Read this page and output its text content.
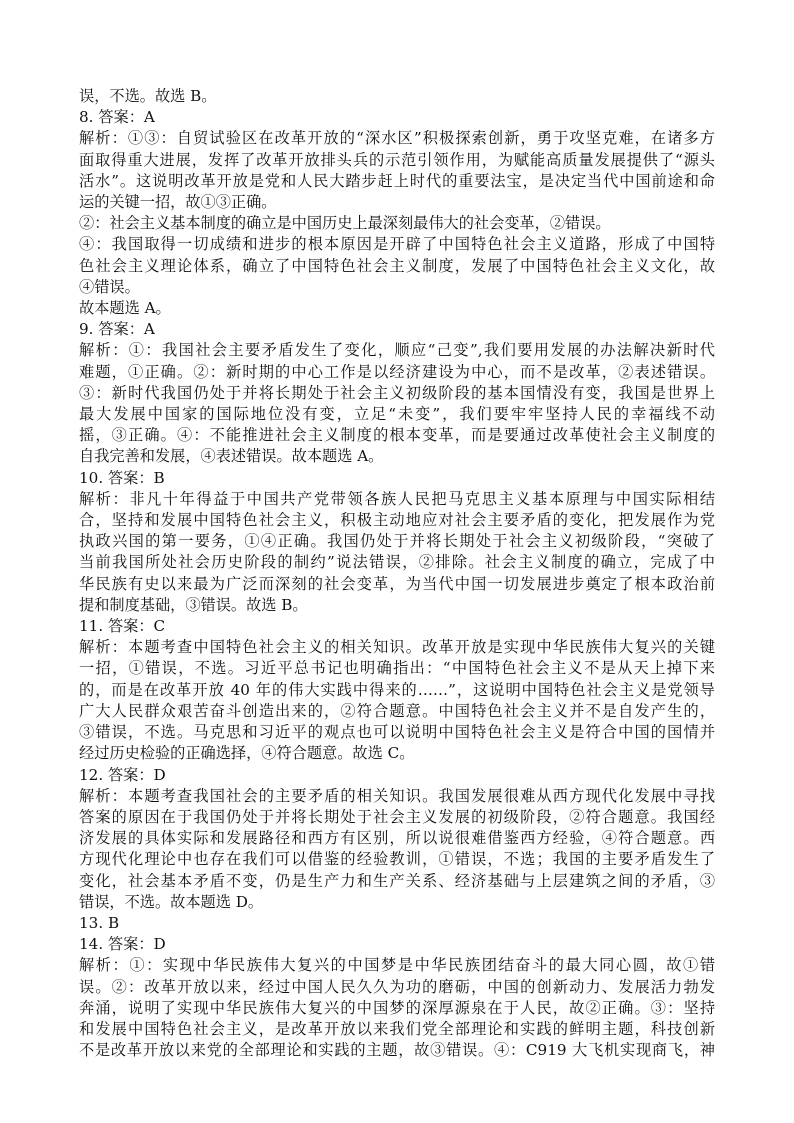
误，不选。故选 B。
8. 答案：A
解析：①③：自贸试验区在改革开放的“深水区”积极探索创新，勇于攻坚克难，在诸多方
面取得重大进展，发挥了改革开放排头兵的示范引领作用，为赋能高质量发展提供了“源头
活水”。这说明改革开放是党和人民大踏步赶上时代的重要法宝，是决定当代中国前途和命
运的关键一招，故①③正确。
②：社会主义基本制度的确立是中国历史上最深刻最伟大的社会变革，②错误。
④：我国取得一切成绩和进步的根本原因是开辟了中国特色社会主义道路，形成了中国特
色社会主义理论体系，确立了中国特色社会主义制度，发展了中国特色社会主义文化，故
④错误。
故本题选 A。
9. 答案：A
解析：①：我国社会主要矛盾发生了变化，顺应“己变”,我们要用发展的办法解决新时代
难题，①正确。②：新时期的中心工作是以经济建设为中心，而不是改革，②表述错误。
③：新时代我国仍处于并将长期处于社会主义初级阶段的基本国情没有变，我国是世界上
最大发展中国家的国际地位没有变，立足“未变”，我们要牢牢坚持人民的幸福线不动
摇，③正确。④：不能推进社会主义制度的根本变革，而是要通过改革使社会主义制度的
自我完善和发展，④表述错误。故本题选 A。
10. 答案：B
解析：非凡十年得益于中国共产党带领各族人民把马克思主义基本原理与中国实际相结
合，坚持和发展中国特色社会主义，积极主动地应对社会主要矛盾的变化，把发展作为党
执政兴国的第一要务，①④正确。我国仍处于并将长期处于社会主义初级阶段，“突破了
当前我国所处社会历史阶段的制约”说法错误，②排除。社会主义制度的确立，完成了中
华民族有史以来最为广泛而深刻的社会变革，为当代中国一切发展进步奠定了根本政治前
提和制度基础，③错误。故选 B。
11. 答案：C
解析：本题考查中国特色社会主义的相关知识。改革开放是实现中华民族伟大复兴的关键
一招，①错误，不选。习近平总书记也明确指出：“中国特色社会主义不是从天上掉下来
的，而是在改革开放 40 年的伟大实践中得来的……”，这说明中国特色社会主义是党领导
广大人民群众艰苦奋斗创造出来的，②符合题意。中国特色社会主义并不是自发产生的，
③错误，不选。马克思和习近平的观点也可以说明中国特色社会主义是符合中国的国情并
经过历史检验的正确选择，④符合题意。故选 C。
12. 答案：D
解析：本题考查我国社会的主要矛盾的相关知识。我国发展很难从西方现代化发展中寻找
答案的原因在于我国仍处于并将长期处于社会主义发展的初级阶段，②符合题意。我国经
济发展的具体实际和发展路径和西方有区别，所以说很难借鉴西方经验，④符合题意。西
方现代化理论中也存在我们可以借鉴的经验教训，①错误，不选；我国的主要矛盾发生了
变化，社会基本矛盾不变，仍是生产力和生产关系、经济基础与上层建筑之间的矛盾，③
错误，不选。故本题选 D。
13. B
14. 答案：D
解析：①：实现中华民族伟大复兴的中国梦是中华民族团结奋斗的最大同心圆，故①错
误。②：改革开放以来，经过中国人民久久为功的磨砺，中国的创新动力、发展活力勃发
奔涌，说明了实现中华民族伟大复兴的中国梦的深厚源泉在于人民，故②正确。③：坚持
和发展中国特色社会主义，是改革开放以来我们党全部理论和实践的鲜明主题，科技创新
不是改革开放以来党的全部理论和实践的主题，故③错误。④：C919 大飞机实现商飞，神
